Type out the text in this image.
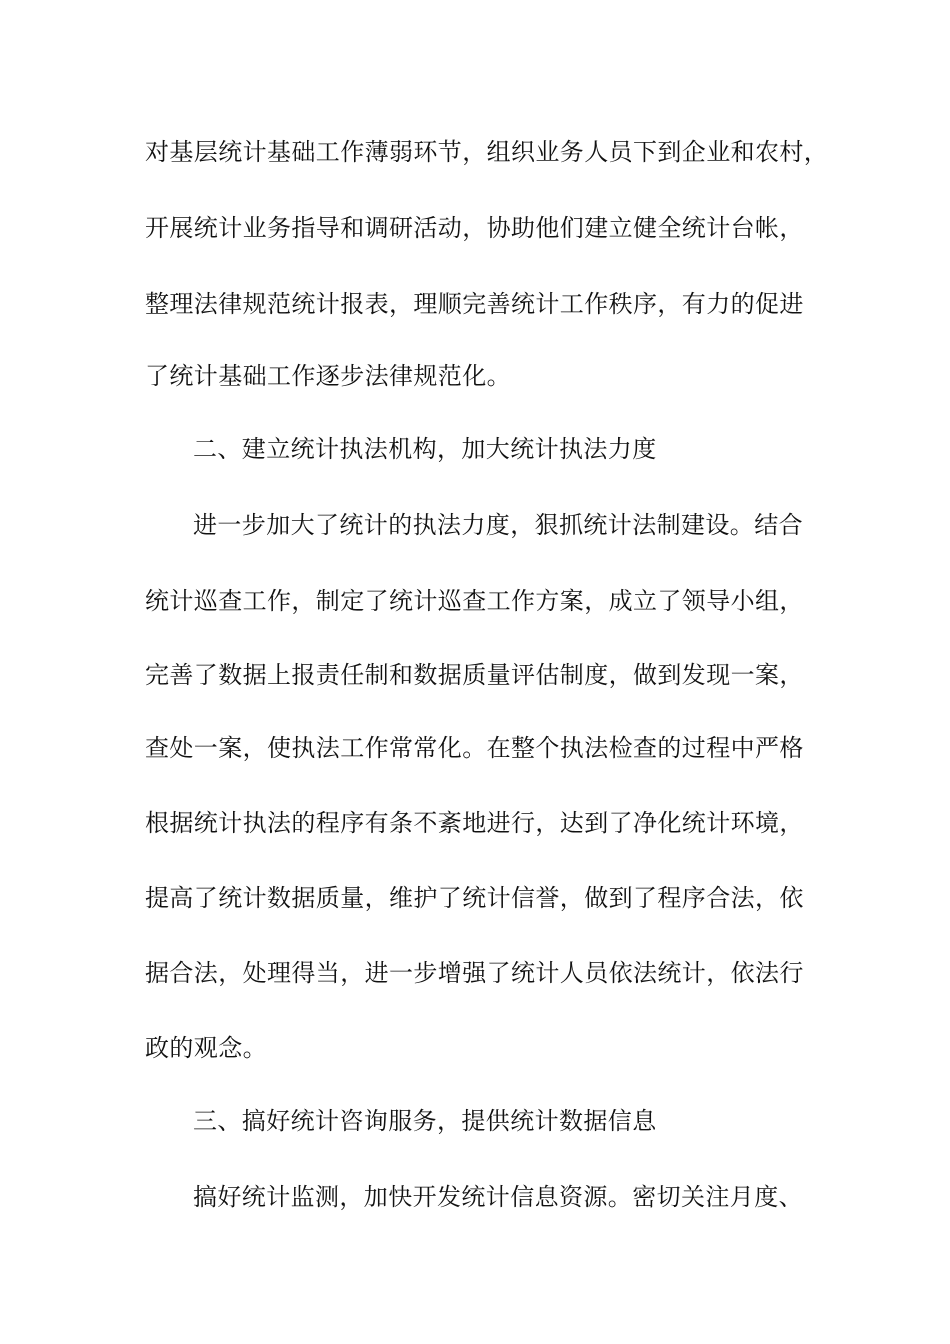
对基层统计基础工作薄弱环节，组织业务人员下到企业和农村，
开展统计业务指导和调研活动，协助他们建立健全统计台帐，
整理法律规范统计报表，理顺完善统计工作秩序，有力的促进
了统计基础工作逐步法律规范化。
二、建立统计执法机构，加大统计执法力度
进一步加大了统计的执法力度，狠抓统计法制建设。结合
统计巡查工作，制定了统计巡查工作方案，成立了领导小组，
完善了数据上报责任制和数据质量评估制度，做到发现一案，
查处一案，使执法工作常常化。在整个执法检查的过程中严格
根据统计执法的程序有条不紊地进行，达到了净化统计环境，
提高了统计数据质量，维护了统计信誉，做到了程序合法，依
据合法，处理得当，进一步增强了统计人员依法统计，依法行
政的观念。
三、搞好统计咨询服务，提供统计数据信息
搞好统计监测，加快开发统计信息资源。密切关注月度、
